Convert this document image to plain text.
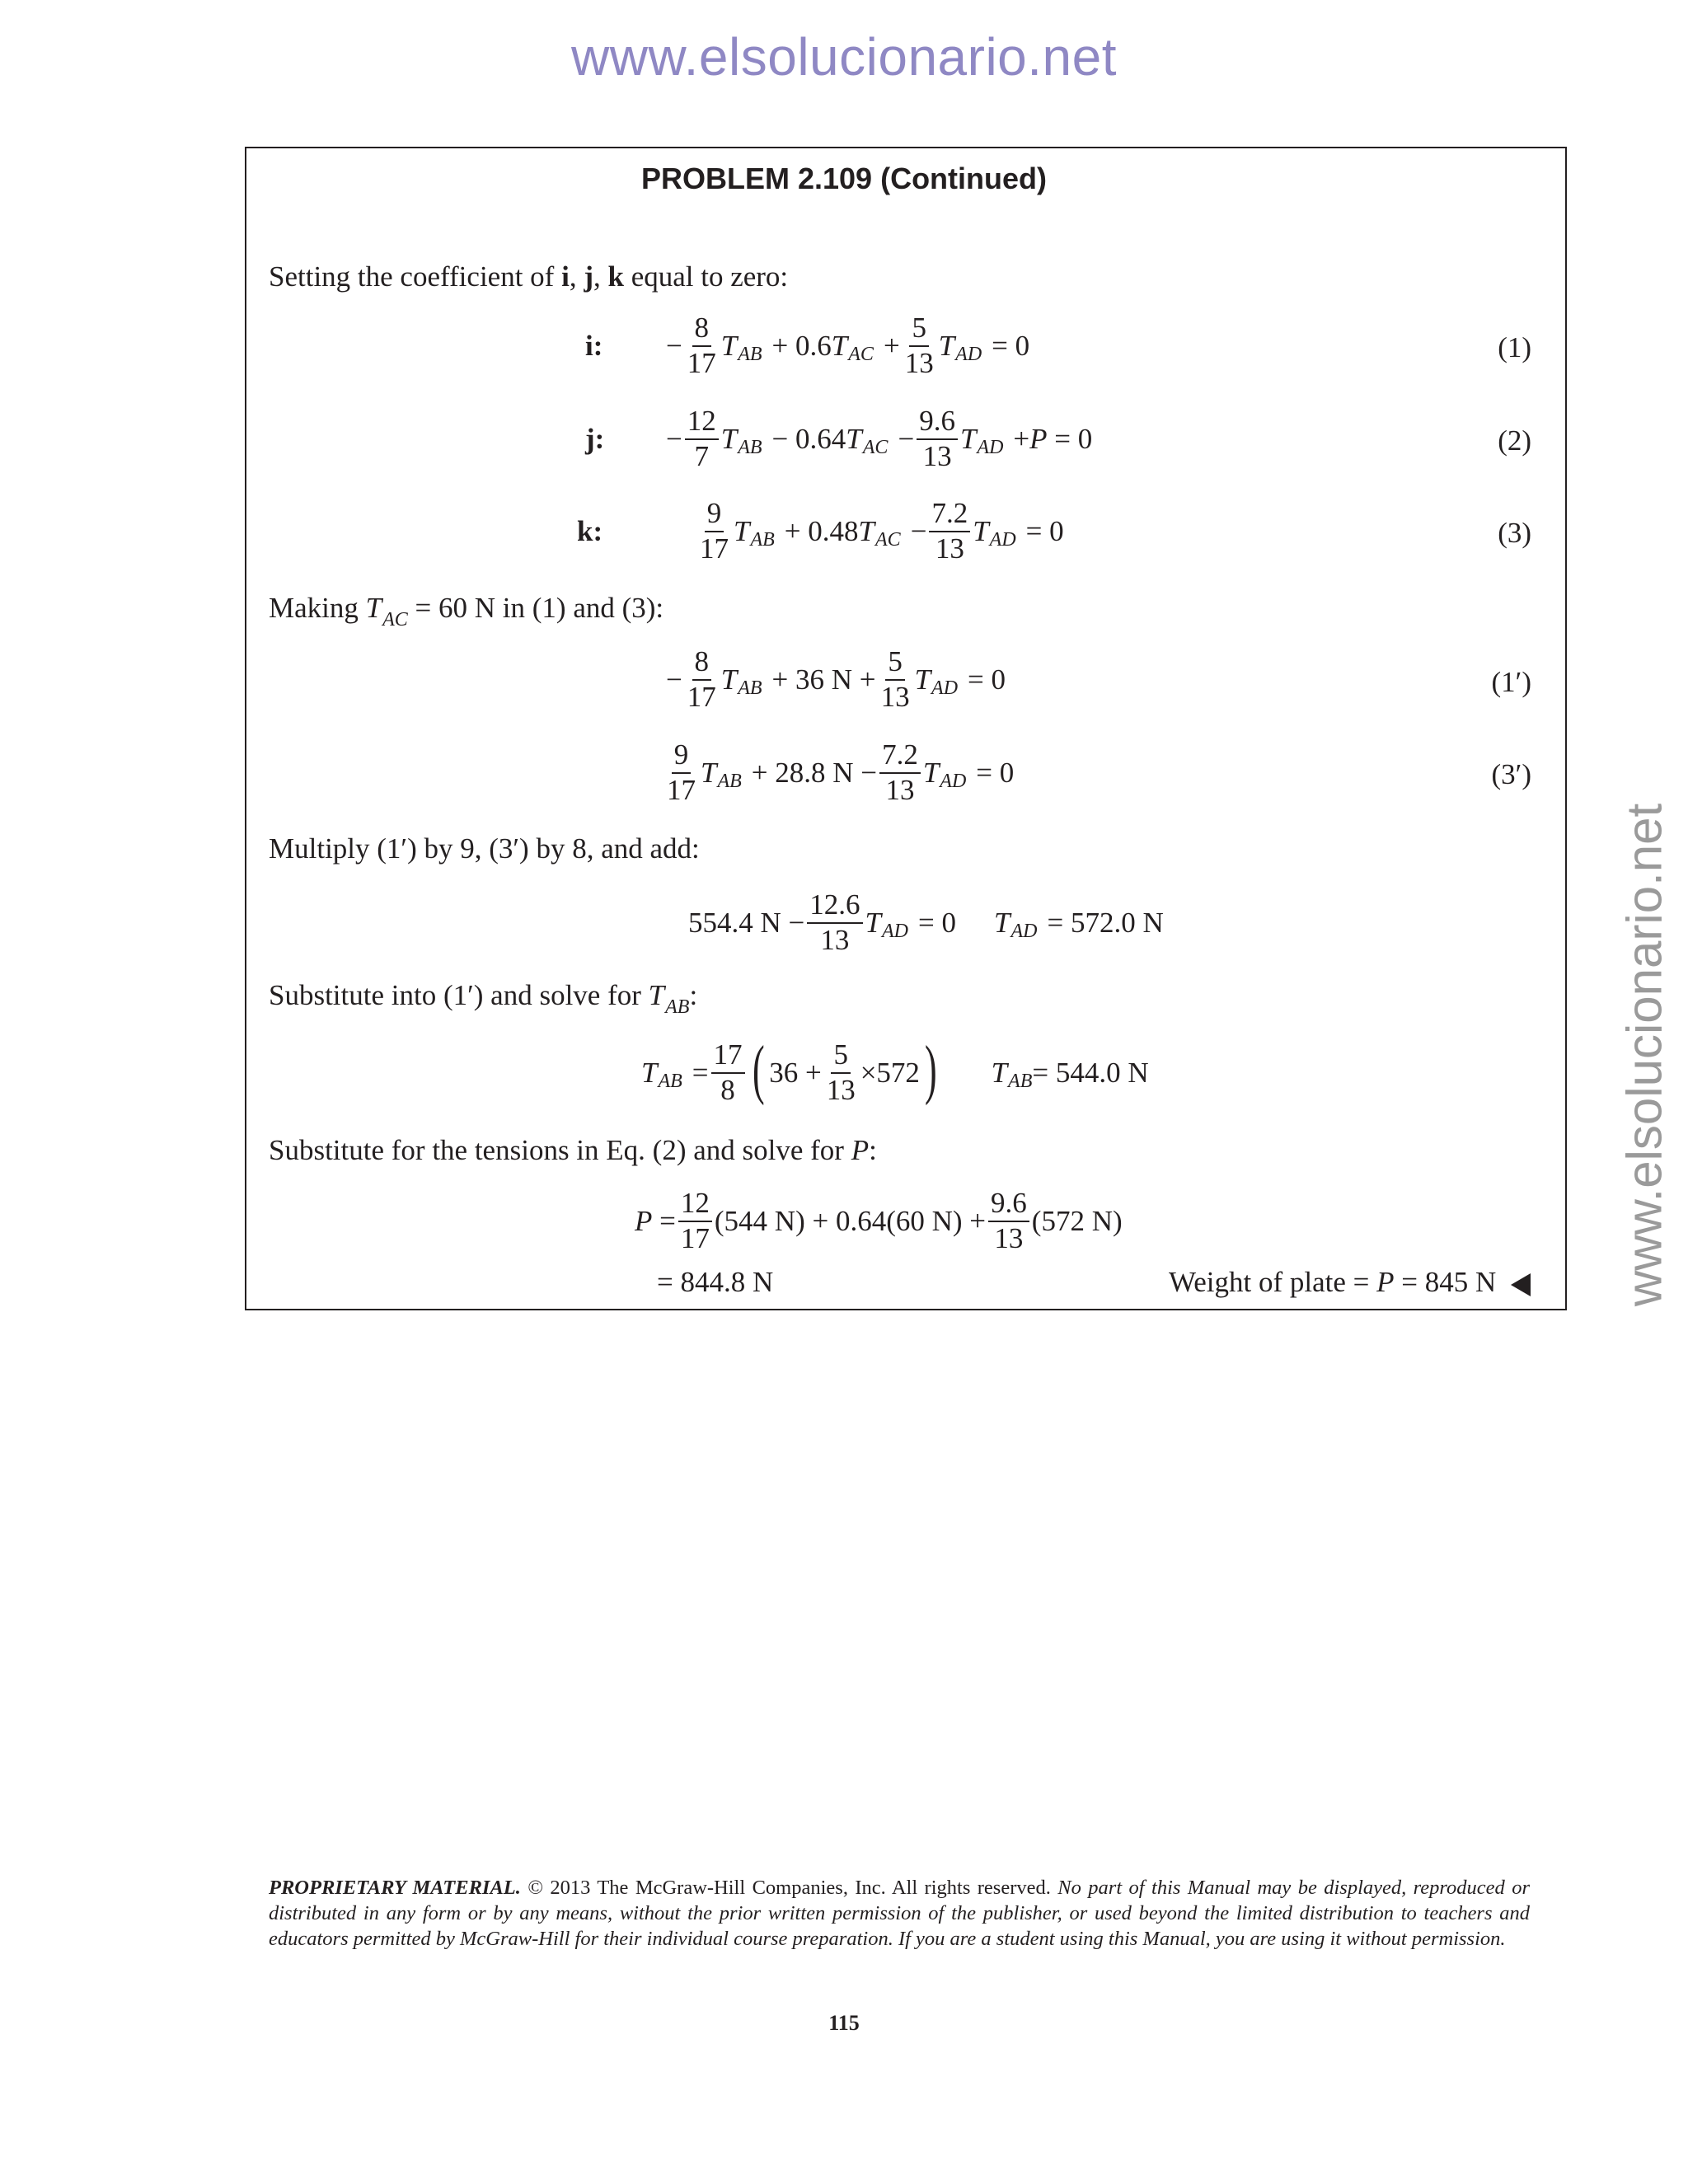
www.elsolucionario.net
www.elsolucionario.net
PROBLEM 2.109 (Continued)
Setting the coefficient of i, j, k equal to zero:
i: − $\frac{8}{17}$ T AB + 0.6 T AC + $\frac{5}{13}$ T AD = 0	(1)
j: − $\frac{12}{7}$ T AB − 0.64 T AC − $\frac{9.6}{13}$ T AD + P = 0	(2)
k:	$\frac{9}{17}$ T AB + 0.48 T AC − $\frac{7.2}{13}$ T AD = 0	(3)
Making $T_{AC} = 60$ N in (1) and (3):
− $\frac{8}{17}$ T AB + 36 $N + \frac{5}{13}$ T AD = 0	(1′)
$\frac{9}{17}$ T AB + 28.8 $N - \frac{7.2}{13}$ T AD = 0	(3′)
Multiply (1′) by 9, (3′) by 8, and add:
554.4 $N - \frac{12.6}{13}$ T AD = 0 T AD = 572.0 N
Substitute into (1′) and solve for $T_{AB}$:
T AB = $\frac{17}{8}$ ( $36 + \frac{5}{13} \times 572$ ) T AB = 544.0 N
Substitute for the tensions in Eq. (2) and solve for P:
$P = \frac{12}{17} (544$ N) + 0.64(60 $N) + \frac{9.6}{13} (572$ N)
= 844.8 N	Weight of plate = P = 845 N
PROPRIETARY MATERIAL. © 2013 The McGraw-Hill Companies, Inc. All rights reserved. No part of this Manual may be displayed, reproduced or distributed in any form or by any means, without the prior written permission of the publisher, or used beyond the limited distribution to teachers and educators permitted by McGraw-Hill for their individual course preparation. If you are a student using this Manual, you are using it without permission.
115
